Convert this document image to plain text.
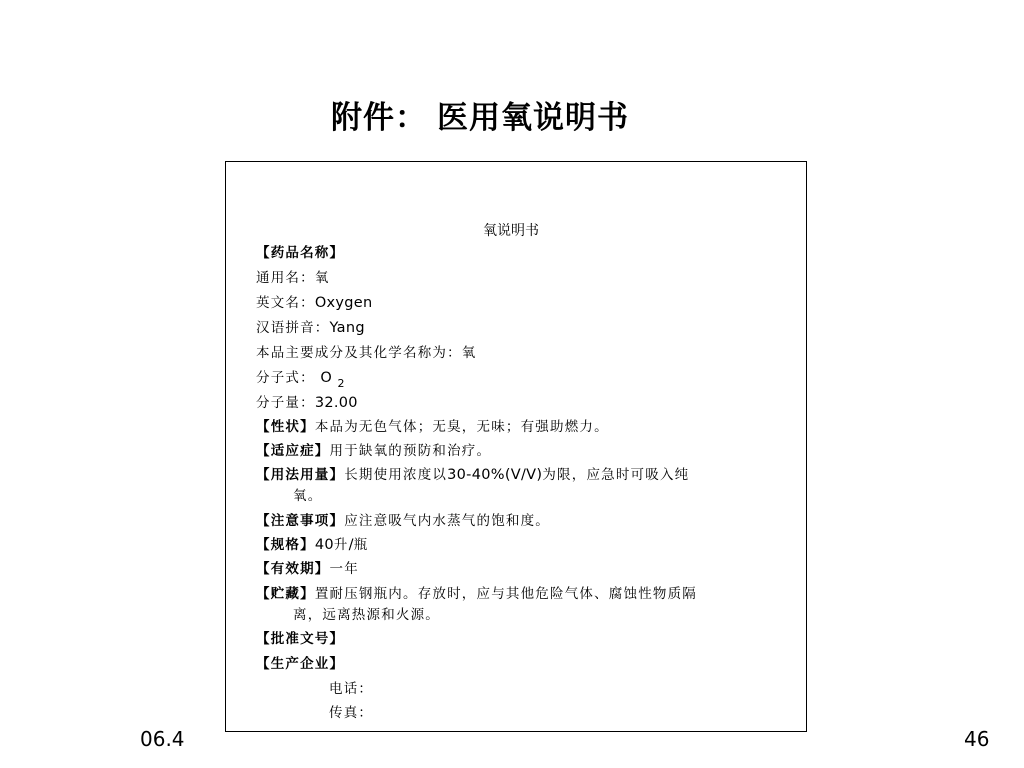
附件： 医用氧说明书
氧说明书
【药品名称】
通用名：氧
英文名：Oxygen
汉语拼音：Yang
本品主要成分及其化学名称为：氧
分子式： O $_2$
分子量：32.00
【性状】本品为无色气体；无臭，无味；有强助燃力。
【适应症】用于缺氧的预防和治疗。
【用法用量】长期使用浓度以30-40%(V/V)为限，应急时可吸入纯
氧。
【注意事项】应注意吸气内水蒸气的饱和度。
【规格】40升/瓶
【有效期】一年
【贮藏】置耐压钢瓶内。存放时，应与其他危险气体、腐蚀性物质隔
离，远离热源和火源。
【批准文号】
【生产企业】
电话：
传真：
06.4	46
